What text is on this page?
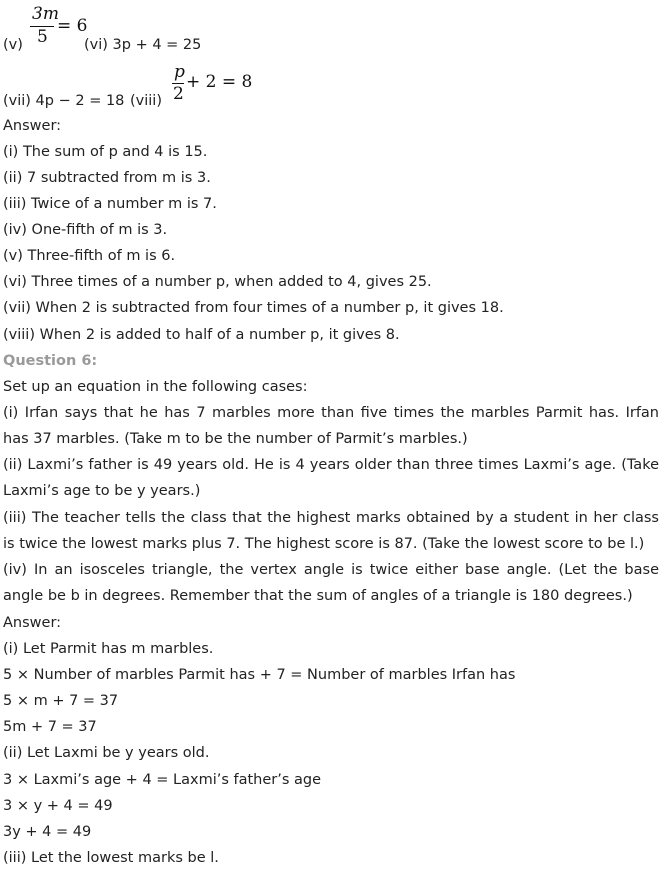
(v)
3m
5
= 6
(vi) 3p + 4 = 25
(vii) 4p − 2 = 18 (viii)
p
2
+ 2 = 8
Answer:
(i) The sum of p and 4 is 15.
(ii) 7 subtracted from m is 3.
(iii) Twice of a number m is 7.
(iv) One-fifth of m is 3.
(v) Three-fifth of m is 6.
(vi) Three times of a number p, when added to 4, gives 25.
(vii) When 2 is subtracted from four times of a number p, it gives 18.
(viii) When 2 is added to half of a number p, it gives 8.
Question 6:
Set up an equation in the following cases:
(i) Irfan says that he has 7 marbles more than five times the marbles Parmit has. Irfan has 37 marbles. (Take m to be the number of Parmit’s marbles.)
(ii) Laxmi’s father is 49 years old. He is 4 years older than three times Laxmi’s age. (Take Laxmi’s age to be y years.)
(iii) The teacher tells the class that the highest marks obtained by a student in her class is twice the lowest marks plus 7. The highest score is 87. (Take the lowest score to be l.)
(iv) In an isosceles triangle, the vertex angle is twice either base angle. (Let the base angle be b in degrees. Remember that the sum of angles of a triangle is 180 degrees.)
Answer:
(i) Let Parmit has m marbles.
5 × Number of marbles Parmit has + 7 = Number of marbles Irfan has
5 × m + 7 = 37
5m + 7 = 37
(ii) Let Laxmi be y years old.
3 × Laxmi’s age + 4 = Laxmi’s father’s age
3 × y + 4 = 49
3y + 4 = 49
(iii) Let the lowest marks be l.
